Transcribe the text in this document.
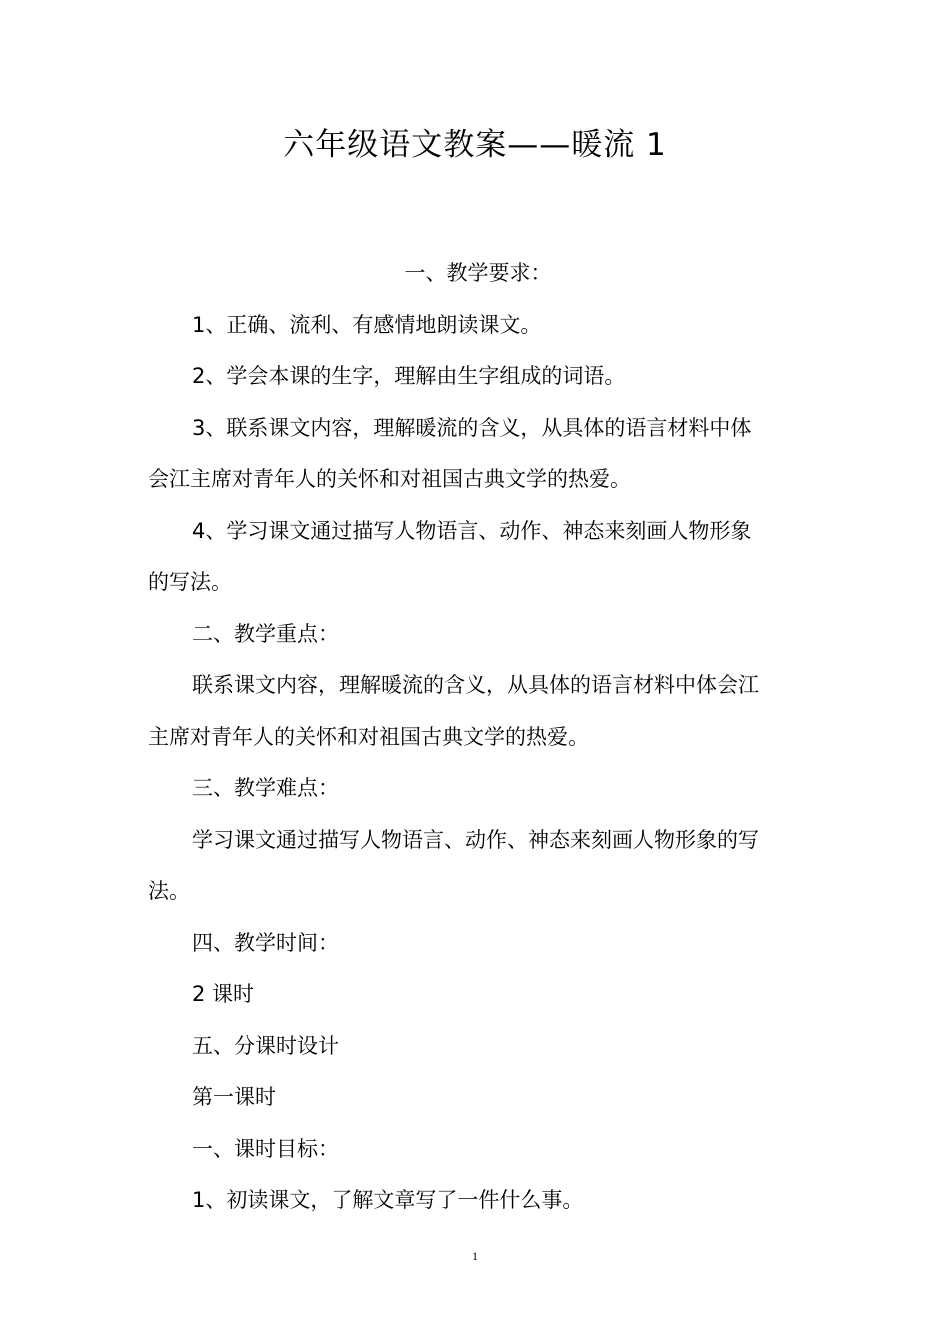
六年级语文教案——暖流 1

一、教学要求：

1、正确、流利、有感情地朗读课文。

2、学会本课的生字，理解由生字组成的词语。

3、联系课文内容，理解暖流的含义，从具体的语言材料中体

会江主席对青年人的关怀和对祖国古典文学的热爱。

4、学习课文通过描写人物语言、动作、神态来刻画人物形象

的写法。

二、教学重点：

联系课文内容，理解暖流的含义，从具体的语言材料中体会江

主席对青年人的关怀和对祖国古典文学的热爱。

三、教学难点：

学习课文通过描写人物语言、动作、神态来刻画人物形象的写

法。

四、教学时间：

2 课时

五、分课时设计

第一课时

一、课时目标：

1、初读课文，了解文章写了一件什么事。

1
